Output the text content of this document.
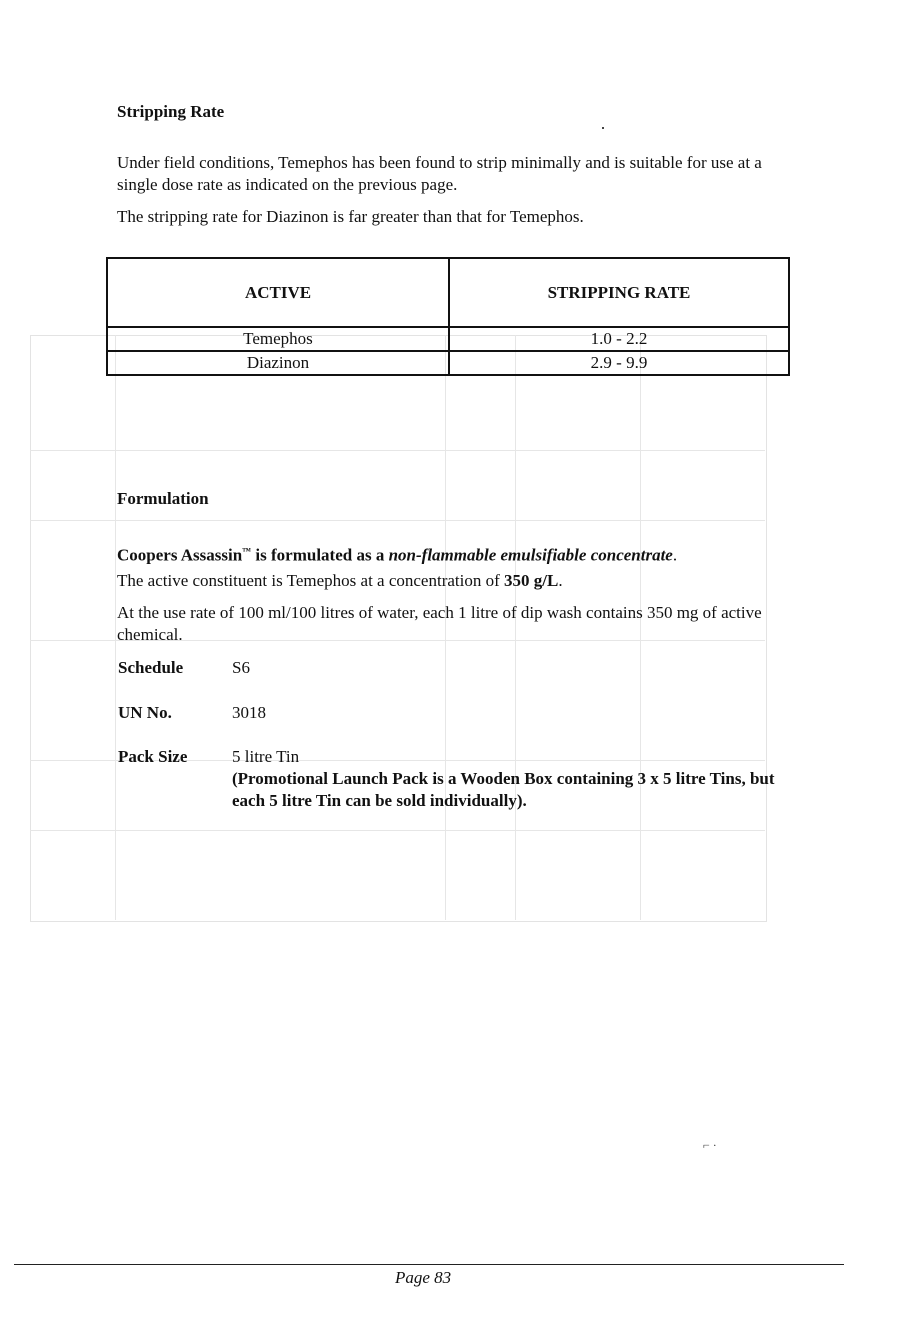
Stripping Rate
Under field conditions, Temephos has been found to strip minimally and is suitable for use at a single dose rate as indicated on the previous page.
The stripping rate for Diazinon is far greater than that for Temephos.
ACTIVE	STRIPPING RATE
Temephos	1.0 - 2.2
Diazinon	2.9 - 9.9
Formulation
Coopers Assassin™ is formulated as a non-flammable emulsifiable concentrate.
The active constituent is Temephos at a concentration of 350 g/L.
At the use rate of 100 ml/100 litres of water, each 1 litre of dip wash contains 350 mg of active chemical.
Schedule	S6
UN No.	3018
Pack Size	5 litre Tin
(Promotional Launch Pack is a Wooden Box containing 3 x 5 litre Tins, but each 5 litre Tin can be sold individually).
⌐ ·
Page 83
